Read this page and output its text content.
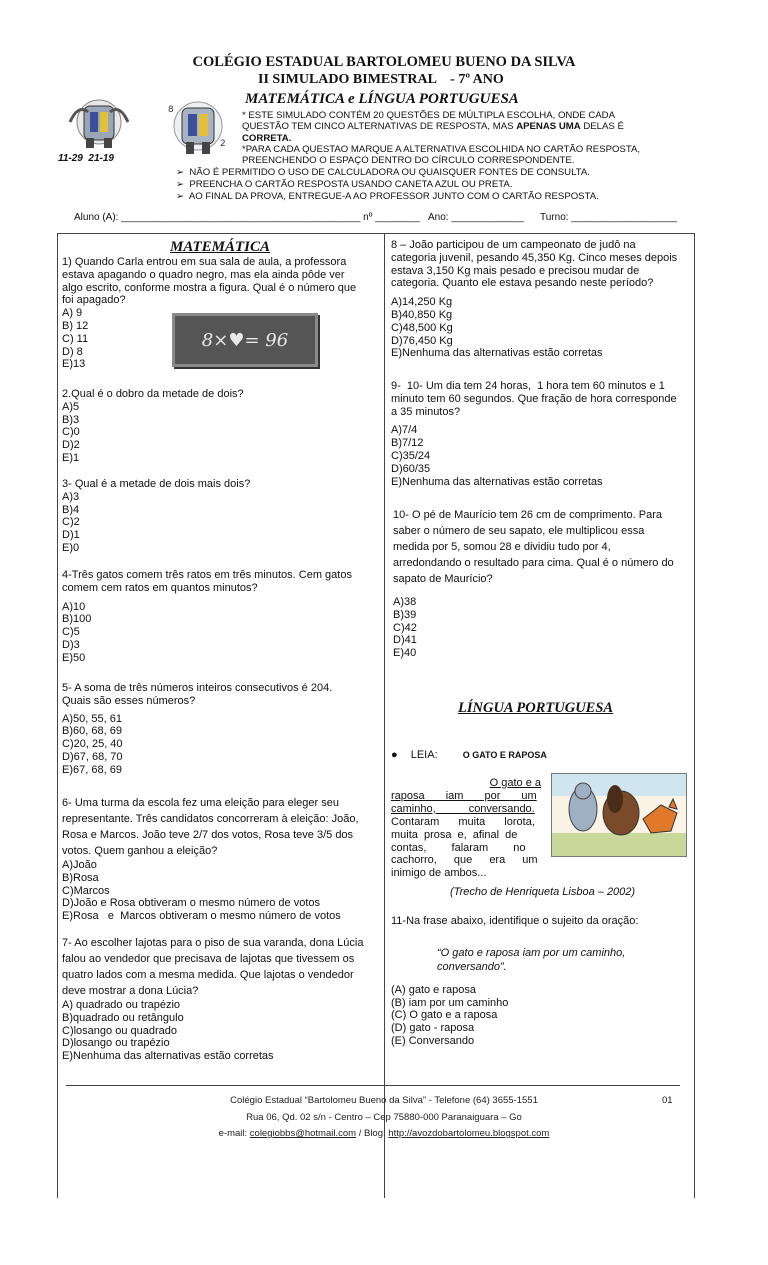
COLÉGIO ESTADUAL BARTOLOMEU BUENO DA SILVA
II SIMULADO BIMESTRAL    - 7º ANO
MATEMÁTICA e LÍNGUA PORTUGUESA
11-29  21-19
8
2
* ESTE SIMULADO CONTÉM 20 QUESTÕES DE MÚLTIPLA ESCOLHA, ONDE CADA
QUESTÃO TEM CINCO ALTERNATIVAS DE RESPOSTA, MAS APENAS UMA DELAS É
CORRETA.
*PARA CADA QUESTAO MARQUE A ALTERNATIVA ESCOLHIDA NO CARTÃO RESPOSTA,
PREENCHENDO O ESPAÇO DENTRO DO CÍRCULO CORRESPONDENTE.
➢ NÃO É PERMITIDO O USO DE CALCULADORA OU QUAISQUER FONTES DE CONSULTA.
➢ PREENCHA O CARTÃO RESPOSTA USANDO CANETA AZUL OU PRETA.
➢ AO FINAL DA PROVA, ENTREGUE-A AO PROFESSOR JUNTO COM O CARTÃO RESPOSTA.
Aluno (A): ___________________________________________ nº ________ Ano: _____________ Turno: ___________________
MATEMÁTICA

1) Quando Carla entrou em sua sala de aula, a professora
estava apagando o quadro negro, mas ela ainda pôde ver
algo escrito, conforme mostra a figura. Qual é o número que
foi apagado?

A) 9
B) 12
C) 11
D) 8
E)13

8×♥= 96

2.Qual é o dobro da metade de dois?

A)5
B)3
C)0
D)2
E)1

3- Qual é a metade de dois mais dois?

A)3
B)4
C)2
D)1
E)0

4-Três gatos comem três ratos em três minutos. Cem gatos
comem cem ratos em quantos minutos?

A)10
B)100
C)5
D)3
E)50

5- A soma de três números inteiros consecutivos é 204.
Quais são esses números?

A)50, 55, 61
B)60, 68, 69
C)20, 25, 40
D)67, 68, 70
E)67, 68, 69

6- Uma turma da escola fez uma eleição para eleger seu
representante. Três candidatos concorreram à eleição: João,
Rosa e Marcos. João teve 2/7 dos votos, Rosa teve 3/5 dos
votos. Quem ganhou a eleição?

A)João
B)Rosa
C)Marcos
D)João e Rosa obtiveram o mesmo número de votos
E)Rosa   e  Marcos obtiveram o mesmo número de votos

7- Ao escolher lajotas para o piso de sua varanda, dona Lúcia
falou ao vendedor que precisava de lajotas que tivessem os
quatro lados com a mesma medida. Que lajotas o vendedor
deve mostrar a dona Lúcia?

A) quadrado ou trapézio
B)quadrado ou retângulo
C)losango ou quadrado
D)losango ou trapézio
E)Nenhuma das alternativas estão corretas

8 – João participou de um campeonato de judô na
categoria juvenil, pesando 45,350 Kg. Cinco meses depois
estava 3,150 Kg mais pesado e precisou mudar de
categoria. Quanto ele estava pesando neste período?

A)14,250 Kg
B)40,850 Kg
C)48,500 Kg
D)76,450 Kg
E)Nenhuma das alternativas estão corretas

9-  10- Um dia tem 24 horas,  1 hora tem 60 minutos e 1
minuto tem 60 segundos. Que fração de hora corresponde
a 35 minutos?

A)7/4
B)7/12
C)35/24
D)60/35
E)Nenhuma das alternativas estão corretas

10- O pé de Maurício tem 26 cm de comprimento. Para
saber o número de seu sapato, ele multiplicou essa
medida por 5, somou 28 e dividiu tudo por 4,
arredondando o resultado para cima. Qual é o número do
sapato de Maurício?

A)38
B)39
C)42
D)41
E)40

LÍNGUA PORTUGUESA
● LEIA:	O GATO E RAPOSA

O gato e a
raposa iam por um
caminho, conversando.
Contaram muita lorota,
muita prosa e, afinal de
contas, falaram no
cachorro, que era um
inimigo de ambos...

(Trecho de Henriqueta Lisboa – 2002)

11-Na frase abaixo, identifique o sujeito da oração:

“O gato e raposa iam por um caminho,
conversando”.

(A) gato e raposa
(B) iam por um caminho
(C) O gato e a raposa
(D) gato - raposa
(E) Conversando

Colégio Estadual “Bartolomeu Bueno da Silva” - Telefone (64) 3655-1551	01
Rua 06, Qd. 02 s/n - Centro – Cep 75880-000 Paranaiguara – Go
e-mail: colegiobbs@hotmail.com / Blog: http://avozdobartolomeu.blogspot.com
